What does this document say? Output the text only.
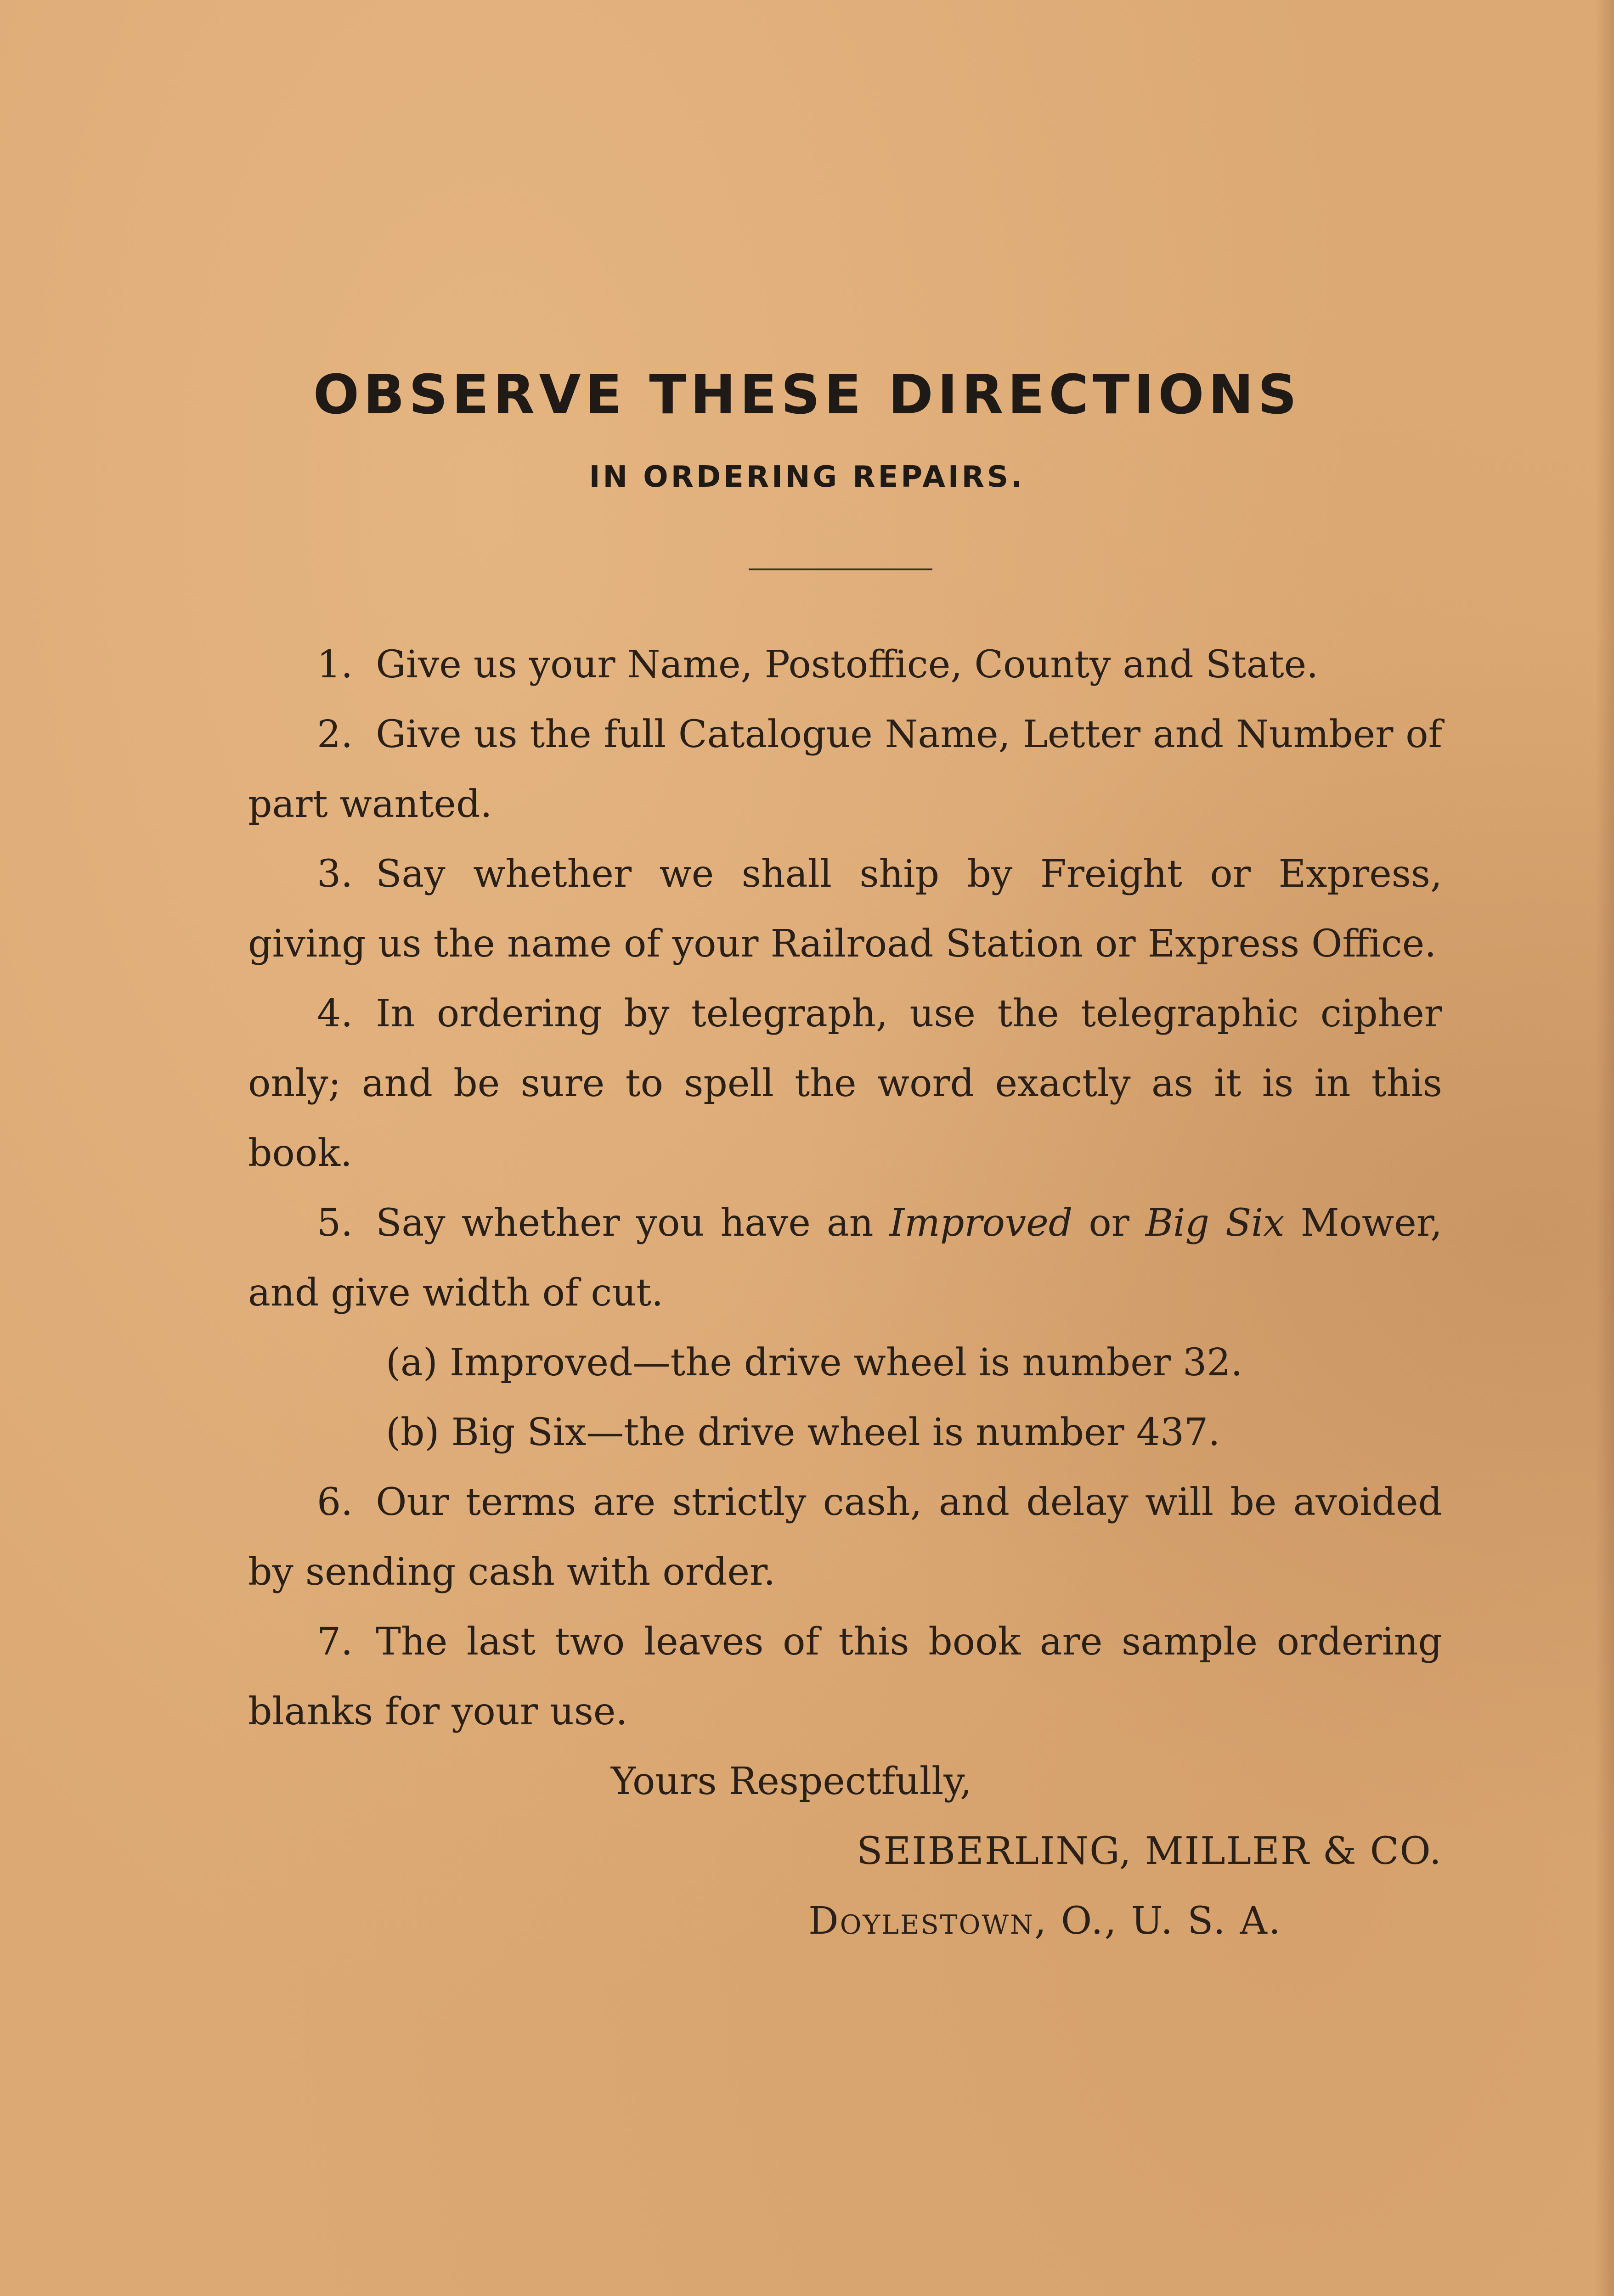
OBSERVE THESE DIRECTIONS
IN ORDERING REPAIRS.

1. Give us your Name, Postoffice, County and State.

2. Give us the full Catalogue Name, Letter and Number of part wanted.

3. Say whether we shall ship by Freight or Express, giving us the name of your Railroad Station or Express Office.

4. In ordering by telegraph, use the telegraphic cipher only; and be sure to spell the word exactly as it is in this book.

5. Say whether you have an Improved or Big Six Mower, and give width of cut.

(a) Improved—the drive wheel is number 32.

(b) Big Six—the drive wheel is number 437.

6. Our terms are strictly cash, and delay will be avoided by sending cash with order.

7. The last two leaves of this book are sample ordering blanks for your use.

Yours Respectfully,

SEIBERLING, MILLER & CO.

Doylestown, O., U. S. A.
